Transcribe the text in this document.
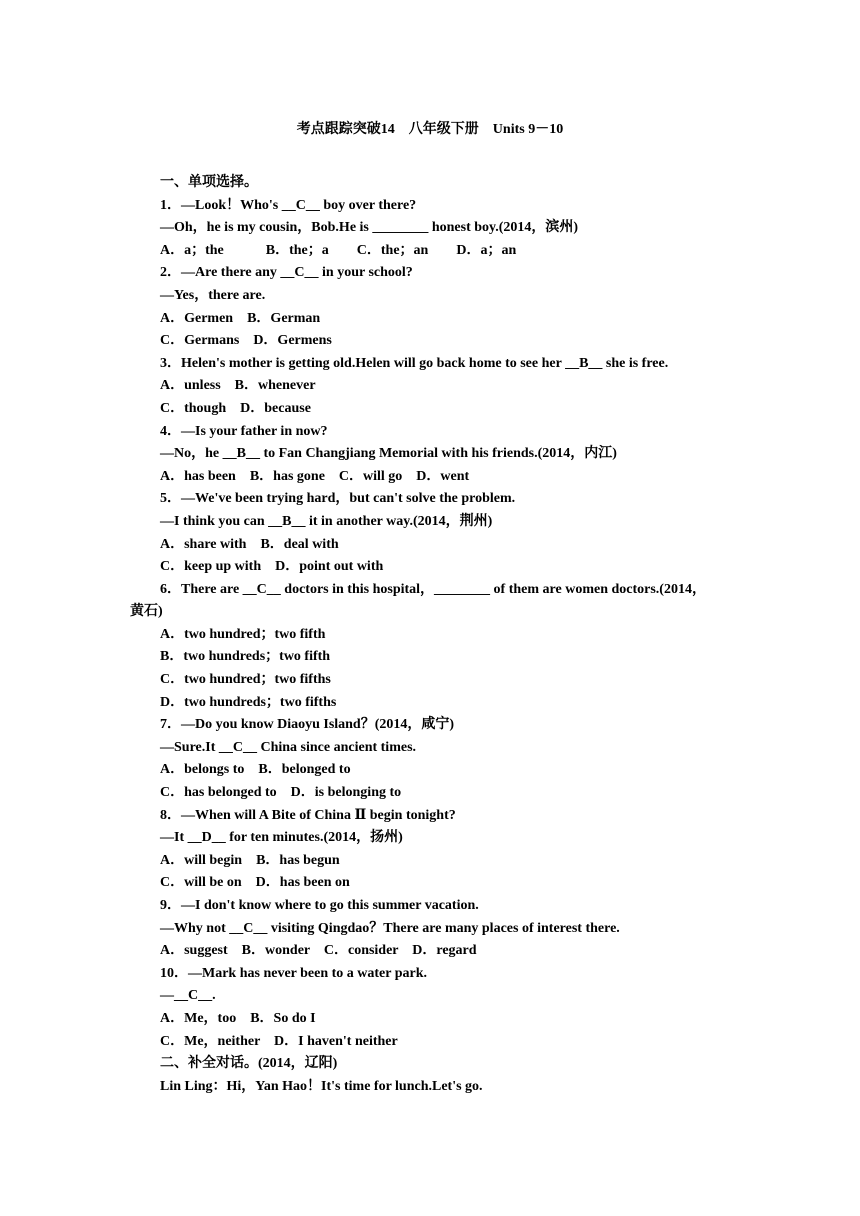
考点跟踪突破14　八年级下册　Units 9－10
一、单项选择。
1．—Look！Who's __C__ boy over there?
—Oh，he is my cousin，Bob.He is ________ honest boy.(2014，滨州)
A．a；the　　　B．the；a　　C．the；an　　D．a；an
2．—Are there any __C__ in your school?
—Yes，there are.
A．Germen　B．German
C．Germans　D．Germens
3．Helen's mother is getting old.Helen will go back home to see her __B__ she is free.
A．unless　B．whenever
C．though　D．because
4．—Is your father in now?
—No，he __B__ to Fan Changjiang Memorial with his friends.(2014，内江)
A．has been　B．has gone　C．will go　D．went
5．—We've been trying hard，but can't solve the problem.
—I think you can __B__ it in another way.(2014，荆州)
A．share with　B．deal with
C．keep up with　D．point out with
6．There are __C__ doctors in this hospital，________ of them are women doctors.(2014，
黄石)
A．two hundred；two fifth
B．two hundreds；two fifth
C．two hundred；two fifths
D．two hundreds；two fifths
7．—Do you know Diaoyu Island？(2014，咸宁)
—Sure.It __C__ China since ancient times.
A．belongs to　B．belonged to
C．has belonged to　D．is belonging to
8．—When will A Bite of China Ⅱ begin tonight?
—It __D__ for ten minutes.(2014，扬州)
A．will begin　B．has begun
C．will be on　D．has been on
9．—I don't know where to go this summer vacation.
—Why not __C__ visiting Qingdao？There are many places of interest there.
A．suggest　B．wonder　C．consider　D．regard
10．—Mark has never been to a water park.
—__C__.
A．Me，too　B．So do I
C．Me，neither　D．I haven't neither
二、补全对话。(2014，辽阳)
Lin Ling：Hi，Yan Hao！It's time for lunch.Let's go.
